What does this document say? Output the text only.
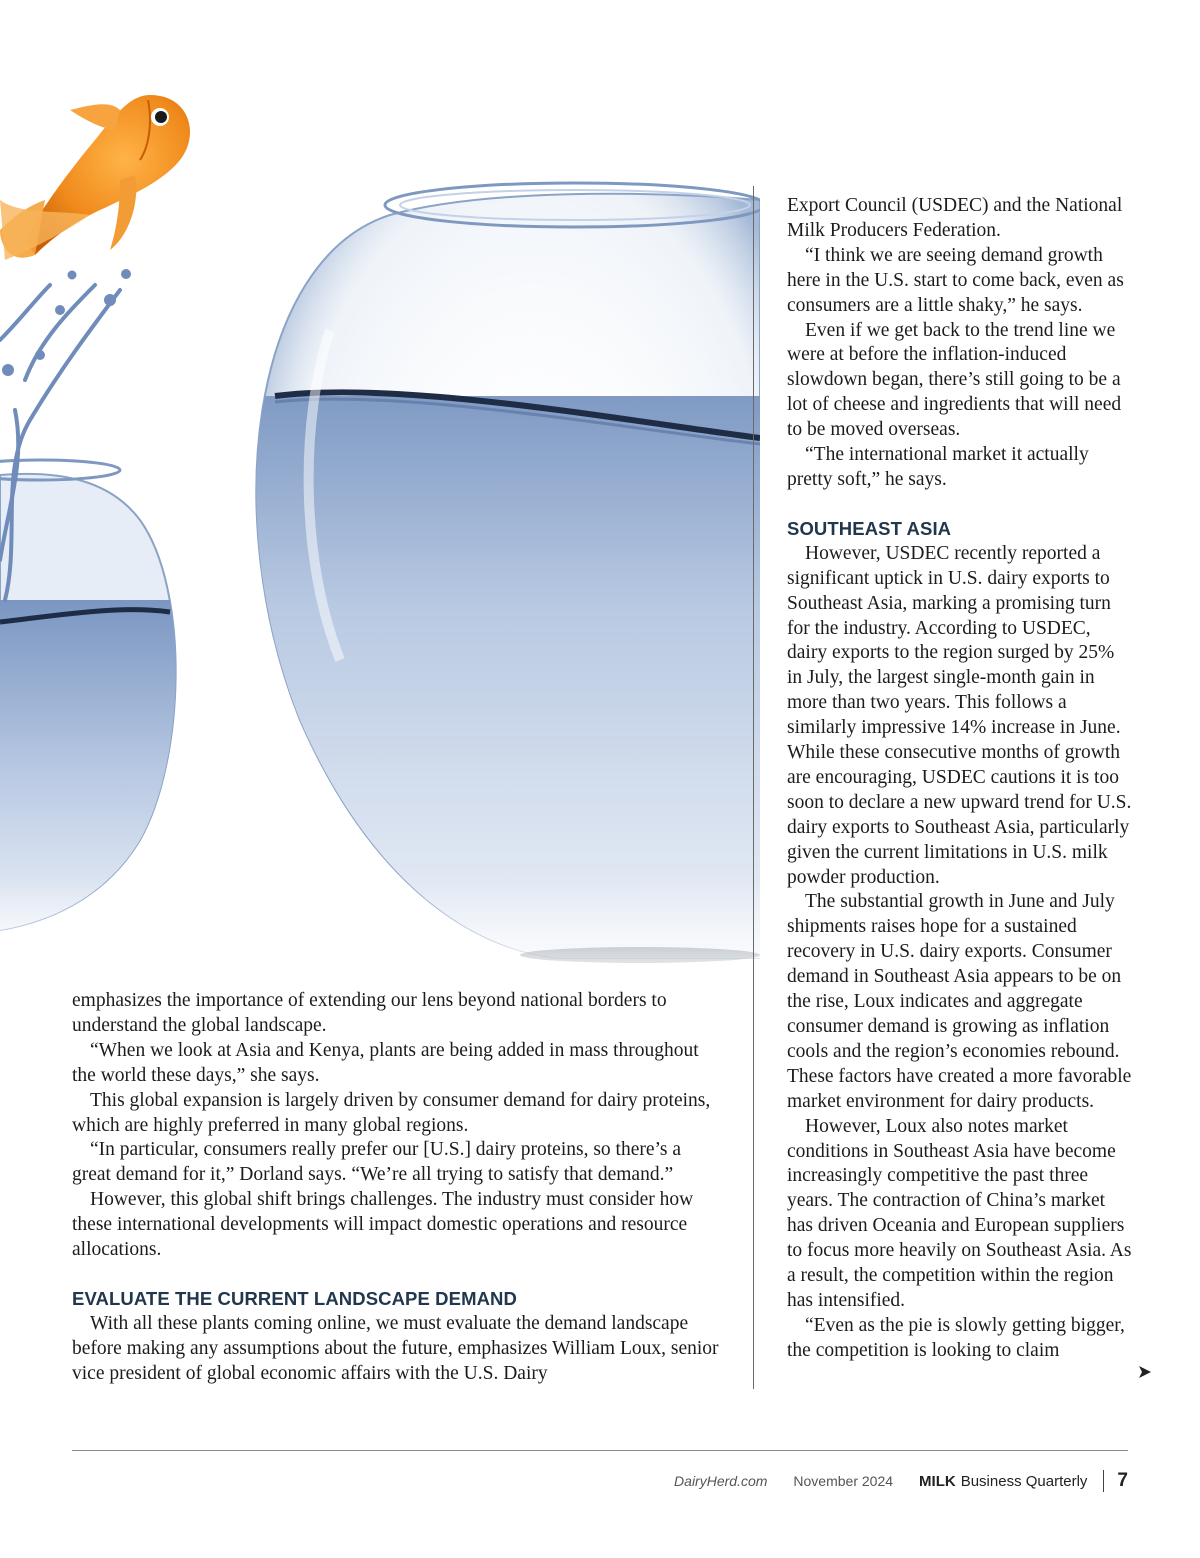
emphasizes the importance of extending our lens beyond national borders to understand the global landscape.

“When we look at Asia and Kenya, plants are being added in mass throughout the world these days,” she says.

This global expansion is largely driven by consumer demand for dairy proteins, which are highly preferred in many global regions.

“In particular, consumers really prefer our [U.S.] dairy proteins, so there’s a great demand for it,” Dorland says. “We’re all trying to satisfy that demand.”

However, this global shift brings challenges. The industry must consider how these international developments will impact domestic operations and resource allocations.

EVALUATE THE CURRENT LANDSCAPE DEMAND

With all these plants coming online, we must evaluate the demand landscape before making any assumptions about the future, emphasizes William Loux, senior vice president of global economic affairs with the U.S. Dairy

Export Council (USDEC) and the National Milk Producers Federation.

“I think we are seeing demand growth here in the U.S. start to come back, even as consumers are a little shaky,” he says.

Even if we get back to the trend line we were at before the inflation-induced slowdown began, there’s still going to be a lot of cheese and ingredients that will need to be moved overseas.

“The international market it actually pretty soft,” he says.

SOUTHEAST ASIA

However, USDEC recently reported a significant uptick in U.S. dairy exports to Southeast Asia, marking a promising turn for the industry. According to USDEC, dairy exports to the region surged by 25% in July, the largest single-month gain in more than two years. This follows a similarly impressive 14% increase in June. While these consecutive months of growth are encouraging, USDEC cautions it is too soon to declare a new upward trend for U.S. dairy exports to Southeast Asia, particularly given the current limitations in U.S. milk powder production.

The substantial growth in June and July shipments raises hope for a sustained recovery in U.S. dairy exports. Consumer demand in Southeast Asia appears to be on the rise, Loux indicates and aggregate consumer demand is growing as inflation cools and the region’s economies rebound. These factors have created a more favorable market environment for dairy products.

However, Loux also notes market conditions in Southeast Asia have become increasingly competitive the past three years. The contraction of China’s market has driven Oceania and European suppliers to focus more heavily on Southeast Asia. As a result, the competition within the region has intensified.

“Even as the pie is slowly getting bigger, the competition is looking to claim

DairyHerd.com November 2024 MILK Business Quarterly 7
